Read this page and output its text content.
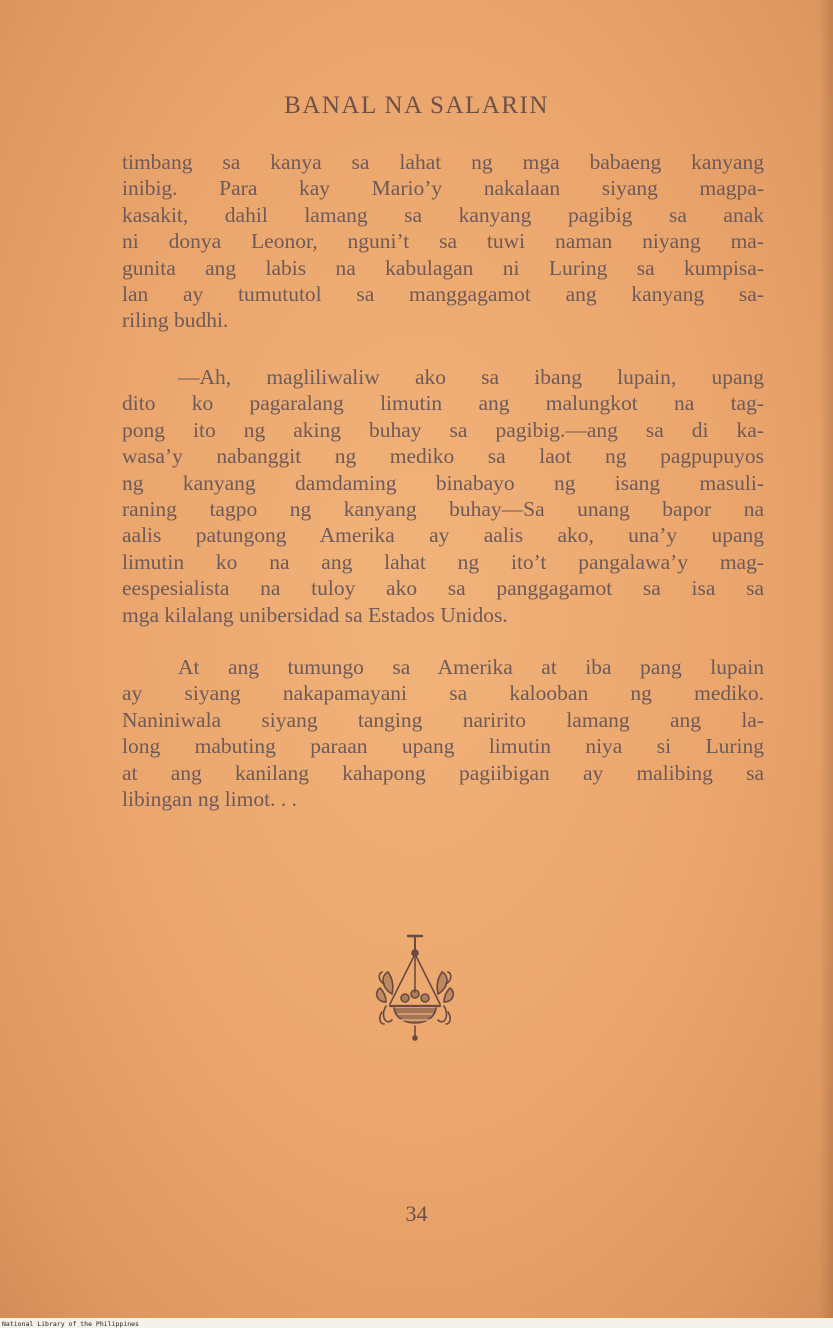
BANAL NA SALARIN

timbang sa kanya sa lahat ng mga babaeng kanyang
inibig. Para kay Mario’y nakalaan siyang magpa-
kasakit, dahil lamang sa kanyang pagibig sa anak
ni donya Leonor, nguni’t sa tuwi naman niyang ma-
gunita ang labis na kabulagan ni Luring sa kumpisa-
lan ay tumututol sa manggagamot ang kanyang sa-
riling budhi.

—Ah, magliliwaliw ako sa ibang lupain, upang
dito ko pagaralang limutin ang malungkot na tag-
pong ito ng aking buhay sa pagibig.—ang sa di ka-
wasa’y nabanggit ng mediko sa laot ng pagpupuyos
ng kanyang damdaming binabayo ng isang masuli-
raning tagpo ng kanyang buhay—Sa unang bapor na
aalis patungong Amerika ay aalis ako, una’y upang
limutin ko na ang lahat ng ito’t pangalawa’y mag-
eespesialista na tuloy ako sa panggagamot sa isa sa
mga kilalang unibersidad sa Estados Unidos.

At ang tumungo sa Amerika at iba pang lupain
ay siyang nakapamayani sa kalooban ng mediko.
Naniniwala siyang tanging naririto lamang ang la-
long mabuting paraan upang limutin niya si Luring
at ang kanilang kahapong pagiibigan ay malibing sa
libingan ng limot. . .

34
National Library of the Philippines
